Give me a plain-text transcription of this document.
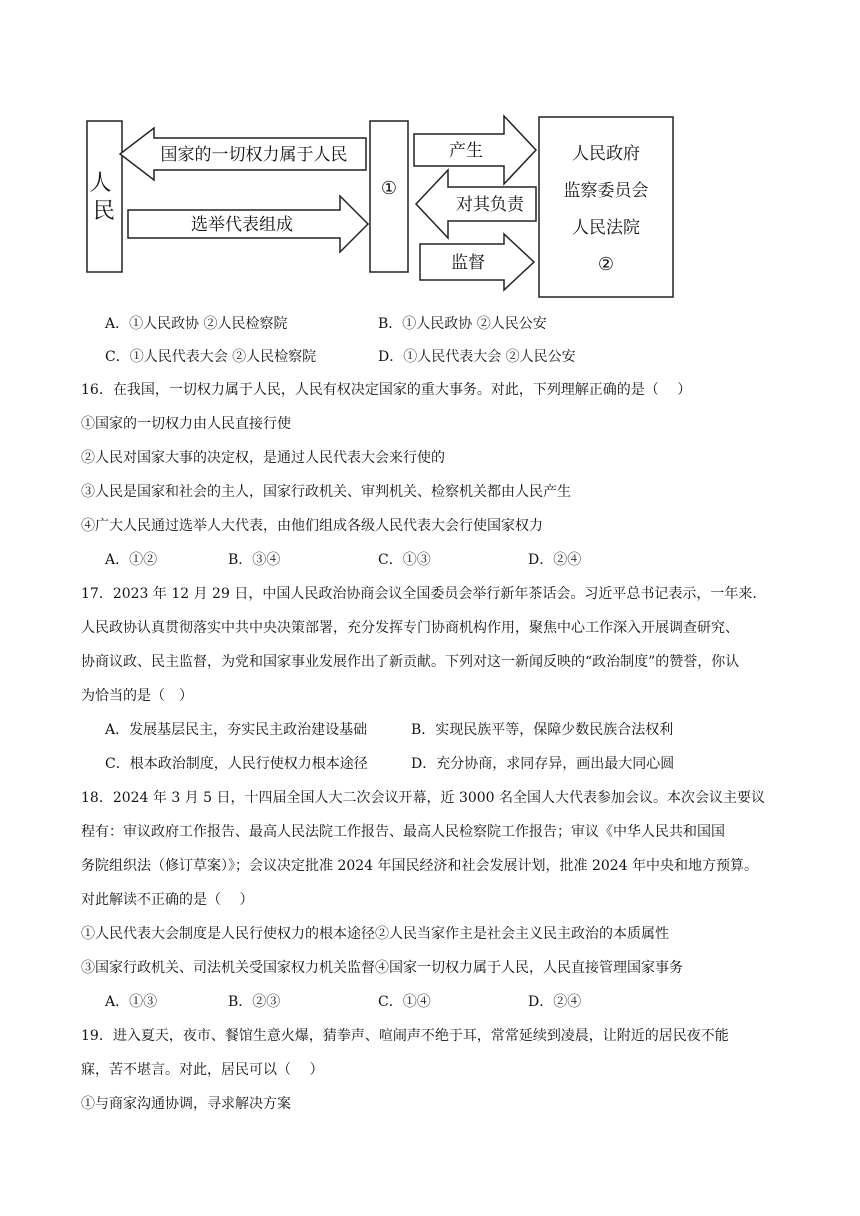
人 民
国家的一切权力属于人民
选举代表组成
①
产生
对其负责
监督
人民政府
监察委员会
人民法院
②
A．①人民政协 ②人民检察院	B．①人民政协 ②人民公安
C．①人民代表大会 ②人民检察院	D．①人民代表大会 ②人民公安
16．在我国，一切权力属于人民，人民有权决定国家的重大事务。对此，下列理解正确的是（　 ）
①国家的一切权力由人民直接行使
②人民对国家大事的决定权，是通过人民代表大会来行使的
③人民是国家和社会的主人，国家行政机关、审判机关、检察机关都由人民产生
④广大人民通过选举人大代表，由他们组成各级人民代表大会行使国家权力
A．①②	B．③④	C．①③	D．②④
17．2023 年 12 月 29 日，中国人民政治协商会议全国委员会举行新年茶话会。习近平总书记表示，一年来.
人民政协认真贯彻落实中共中央决策部署，充分发挥专门协商机构作用，聚焦中心工作深入开展调查研究、
协商议政、民主监督，为党和国家事业发展作出了新贡献。下列对这一新闻反映的“政治制度”的赞誉，你认
为恰当的是（　）
A．发展基层民主，夯实民主政治建设基础	B．实现民族平等，保障少数民族合法权利
C．根本政治制度，人民行使权力根本途径	D．充分协商，求同存异，画出最大同心圆
18．2024 年 3 月 5 日，十四届全国人大二次会议开幕，近 3000 名全国人大代表参加会议。本次会议主要议
程有：审议政府工作报告、最高人民法院工作报告、最高人民检察院工作报告；审议《中华人民共和国国
务院组织法（修订草案）》；会议决定批准 2024 年国民经济和社会发展计划，批准 2024 年中央和地方预算。
对此解读不正确的是（　 ）
①人民代表大会制度是人民行使权力的根本途径②人民当家作主是社会主义民主政治的本质属性
③国家行政机关、司法机关受国家权力机关监督④国家一切权力属于人民，人民直接管理国家事务
A．①③	B．②③	C．①④	D．②④
19．进入夏天，夜市、餐馆生意火爆，猜拳声、喧闹声不绝于耳，常常延续到凌晨，让附近的居民夜不能
寐，苦不堪言。对此，居民可以（　 ）
①与商家沟通协调，寻求解决方案
